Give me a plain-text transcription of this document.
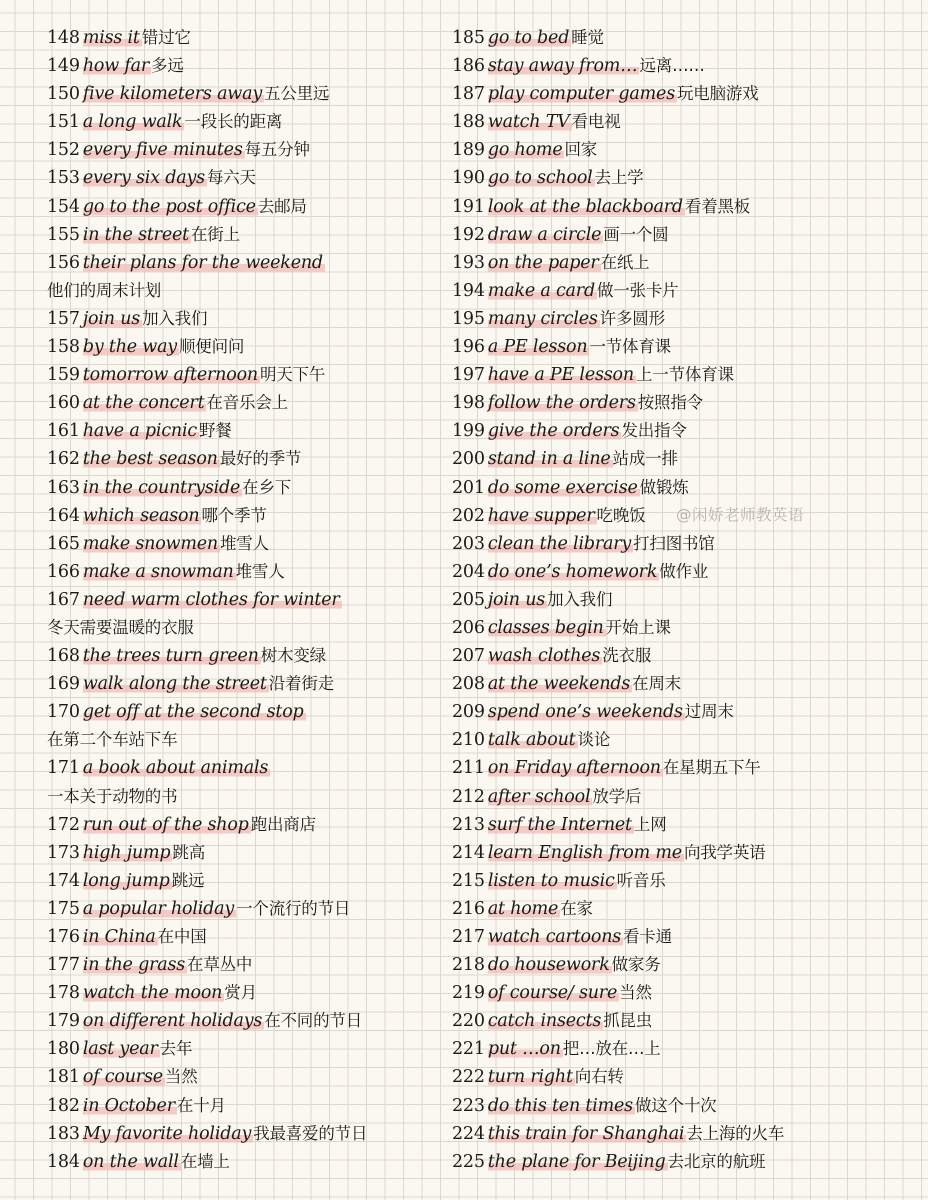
148 miss it 错过它
149 how far 多远
150 five kilometers away 五公里远
151 a long walk 一段长的距离
152 every five minutes 每五分钟
153 every six days 每六天
154 go to the post office 去邮局
155 in the street 在街上
156 their plans for the weekend
他们的周末计划
157 join us 加入我们
158 by the way 顺便问问
159 tomorrow afternoon 明天下午
160 at the concert 在音乐会上
161 have a picnic 野餐
162 the best season 最好的季节
163 in the countryside 在乡下
164 which season 哪个季节
165 make snowmen 堆雪人
166 make a snowman 堆雪人
167 need warm clothes for winter
冬天需要温暖的衣服
168 the trees turn green 树木变绿
169 walk along the street 沿着街走
170 get off at the second stop
在第二个车站下车
171 a book about animals
一本关于动物的书
172 run out of the shop 跑出商店
173 high jump 跳高
174 long jump 跳远
175 a popular holiday 一个流行的节日
176 in China 在中国
177 in the grass 在草丛中
178 watch the moon 赏月
179 on different holidays 在不同的节日
180 last year 去年
181 of course 当然
182 in October 在十月
183 My favorite holiday 我最喜爱的节日
184 on the wall 在墙上
185 go to bed 睡觉
186 stay away from… 远离……
187 play computer games 玩电脑游戏
188 watch TV 看电视
189 go home 回家
190 go to school 去上学
191 look at the blackboard 看着黑板
192 draw a circle 画一个圆
193 on the paper 在纸上
194 make a card 做一张卡片
195 many circles 许多圆形
196 a PE lesson 一节体育课
197 have a PE lesson 上一节体育课
198 follow the orders 按照指令
199 give the orders 发出指令
200 stand in a line 站成一排
201 do some exercise 做锻炼
202 have supper 吃晚饭
203 clean the library 打扫图书馆
204 do one’s homework 做作业
205 join us 加入我们
206 classes begin 开始上课
207 wash clothes 洗衣服
208 at the weekends 在周末
209 spend one’s weekends 过周末
210 talk about 谈论
211 on Friday afternoon 在星期五下午
212 after school 放学后
213 surf the Internet 上网
214 learn English from me 向我学英语
215 listen to music 听音乐
216 at home 在家
217 watch cartoons 看卡通
218 do housework 做家务
219 of course/ sure 当然
220 catch insects 抓昆虫
221 put …on 把…放在…上
222 turn right 向右转
223 do this ten times 做这个十次
224 this train for Shanghai 去上海的火车
225 the plane for Beijing 去北京的航班
@闲娇老师教英语
